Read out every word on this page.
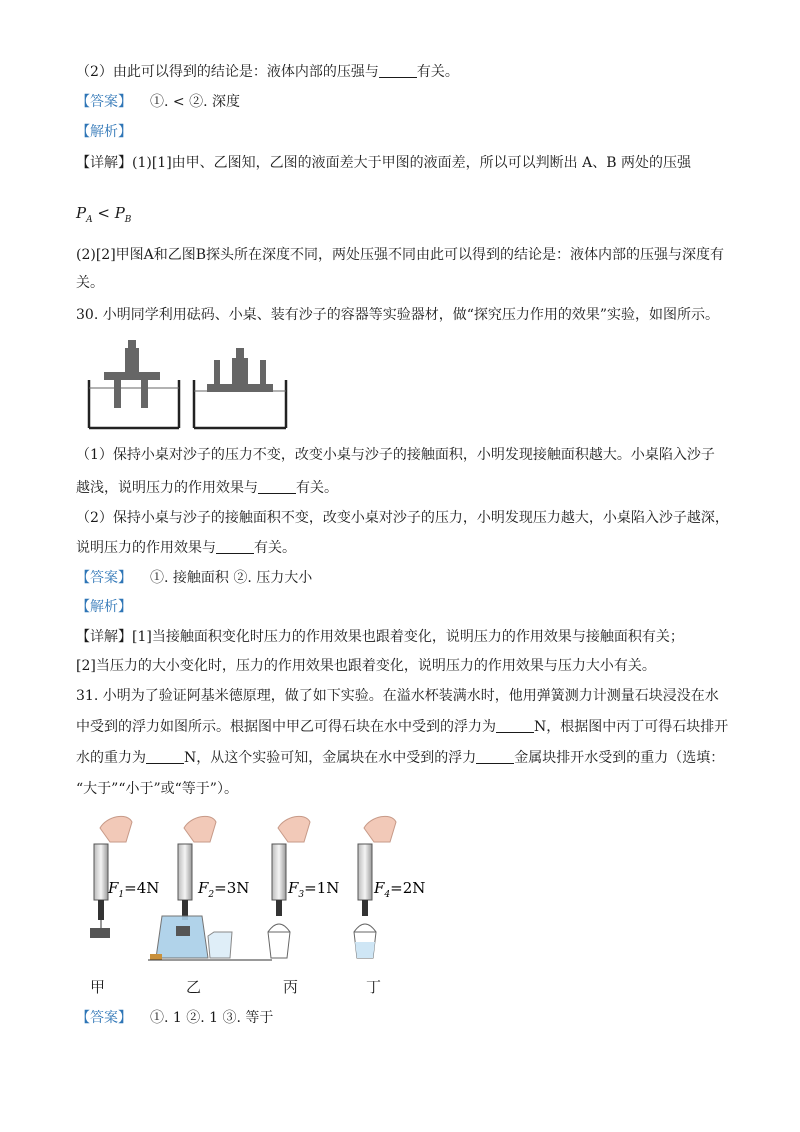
（2）由此可以得到的结论是：液体内部的压强与	有关。
【答案】 ①. < ②. 深度
【解析】
【详解】(1)[1]由甲、乙图知，乙图的液面差大于甲图的液面差，所以可以判断出 A、B 两处的压强
$P_A < P_B$
(2)[2]甲图A和乙图B探头所在深度不同，两处压强不同由此可以得到的结论是：液体内部的压强与深度有
关。
30. 小明同学利用砝码、小桌、装有沙子的容器等实验器材，做“探究压力作用的效果”实验，如图所示。
（1）保持小桌对沙子的压力不变，改变小桌与沙子的接触面积，小明发现接触面积越大。小桌陷入沙子
越浅，说明压力的作用效果与	有关。
（2）保持小桌与沙子的接触面积不变，改变小桌对沙子的压力，小明发现压力越大，小桌陷入沙子越深，
说明压力的作用效果与	有关。
【答案】 ①. 接触面积 ②. 压力大小
【解析】
【详解】[1]当接触面积变化时压力的作用效果也跟着变化，说明压力的作用效果与接触面积有关；
[2]当压力的大小变化时，压力的作用效果也跟着变化，说明压力的作用效果与压力大小有关。
31. 小明为了验证阿基米德原理，做了如下实验。在溢水杯装满水时，他用弹簧测力计测量石块浸没在水
中受到的浮力如图所示。根据图中甲乙可得石块在水中受到的浮力为	N，根据图中丙丁可得石块排开
水的重力为	N，从这个实验可知，金属块在水中受到的浮力	金属块排开水受到的重力（选填：
“大于”“小于”或“等于”）。
$F_1=4N$	$F_2=3N$	$F_3=1N$ $F_4=2N$
甲	乙	丙	丁
【答案】 ①. 1 ②. 1 ③. 等于
